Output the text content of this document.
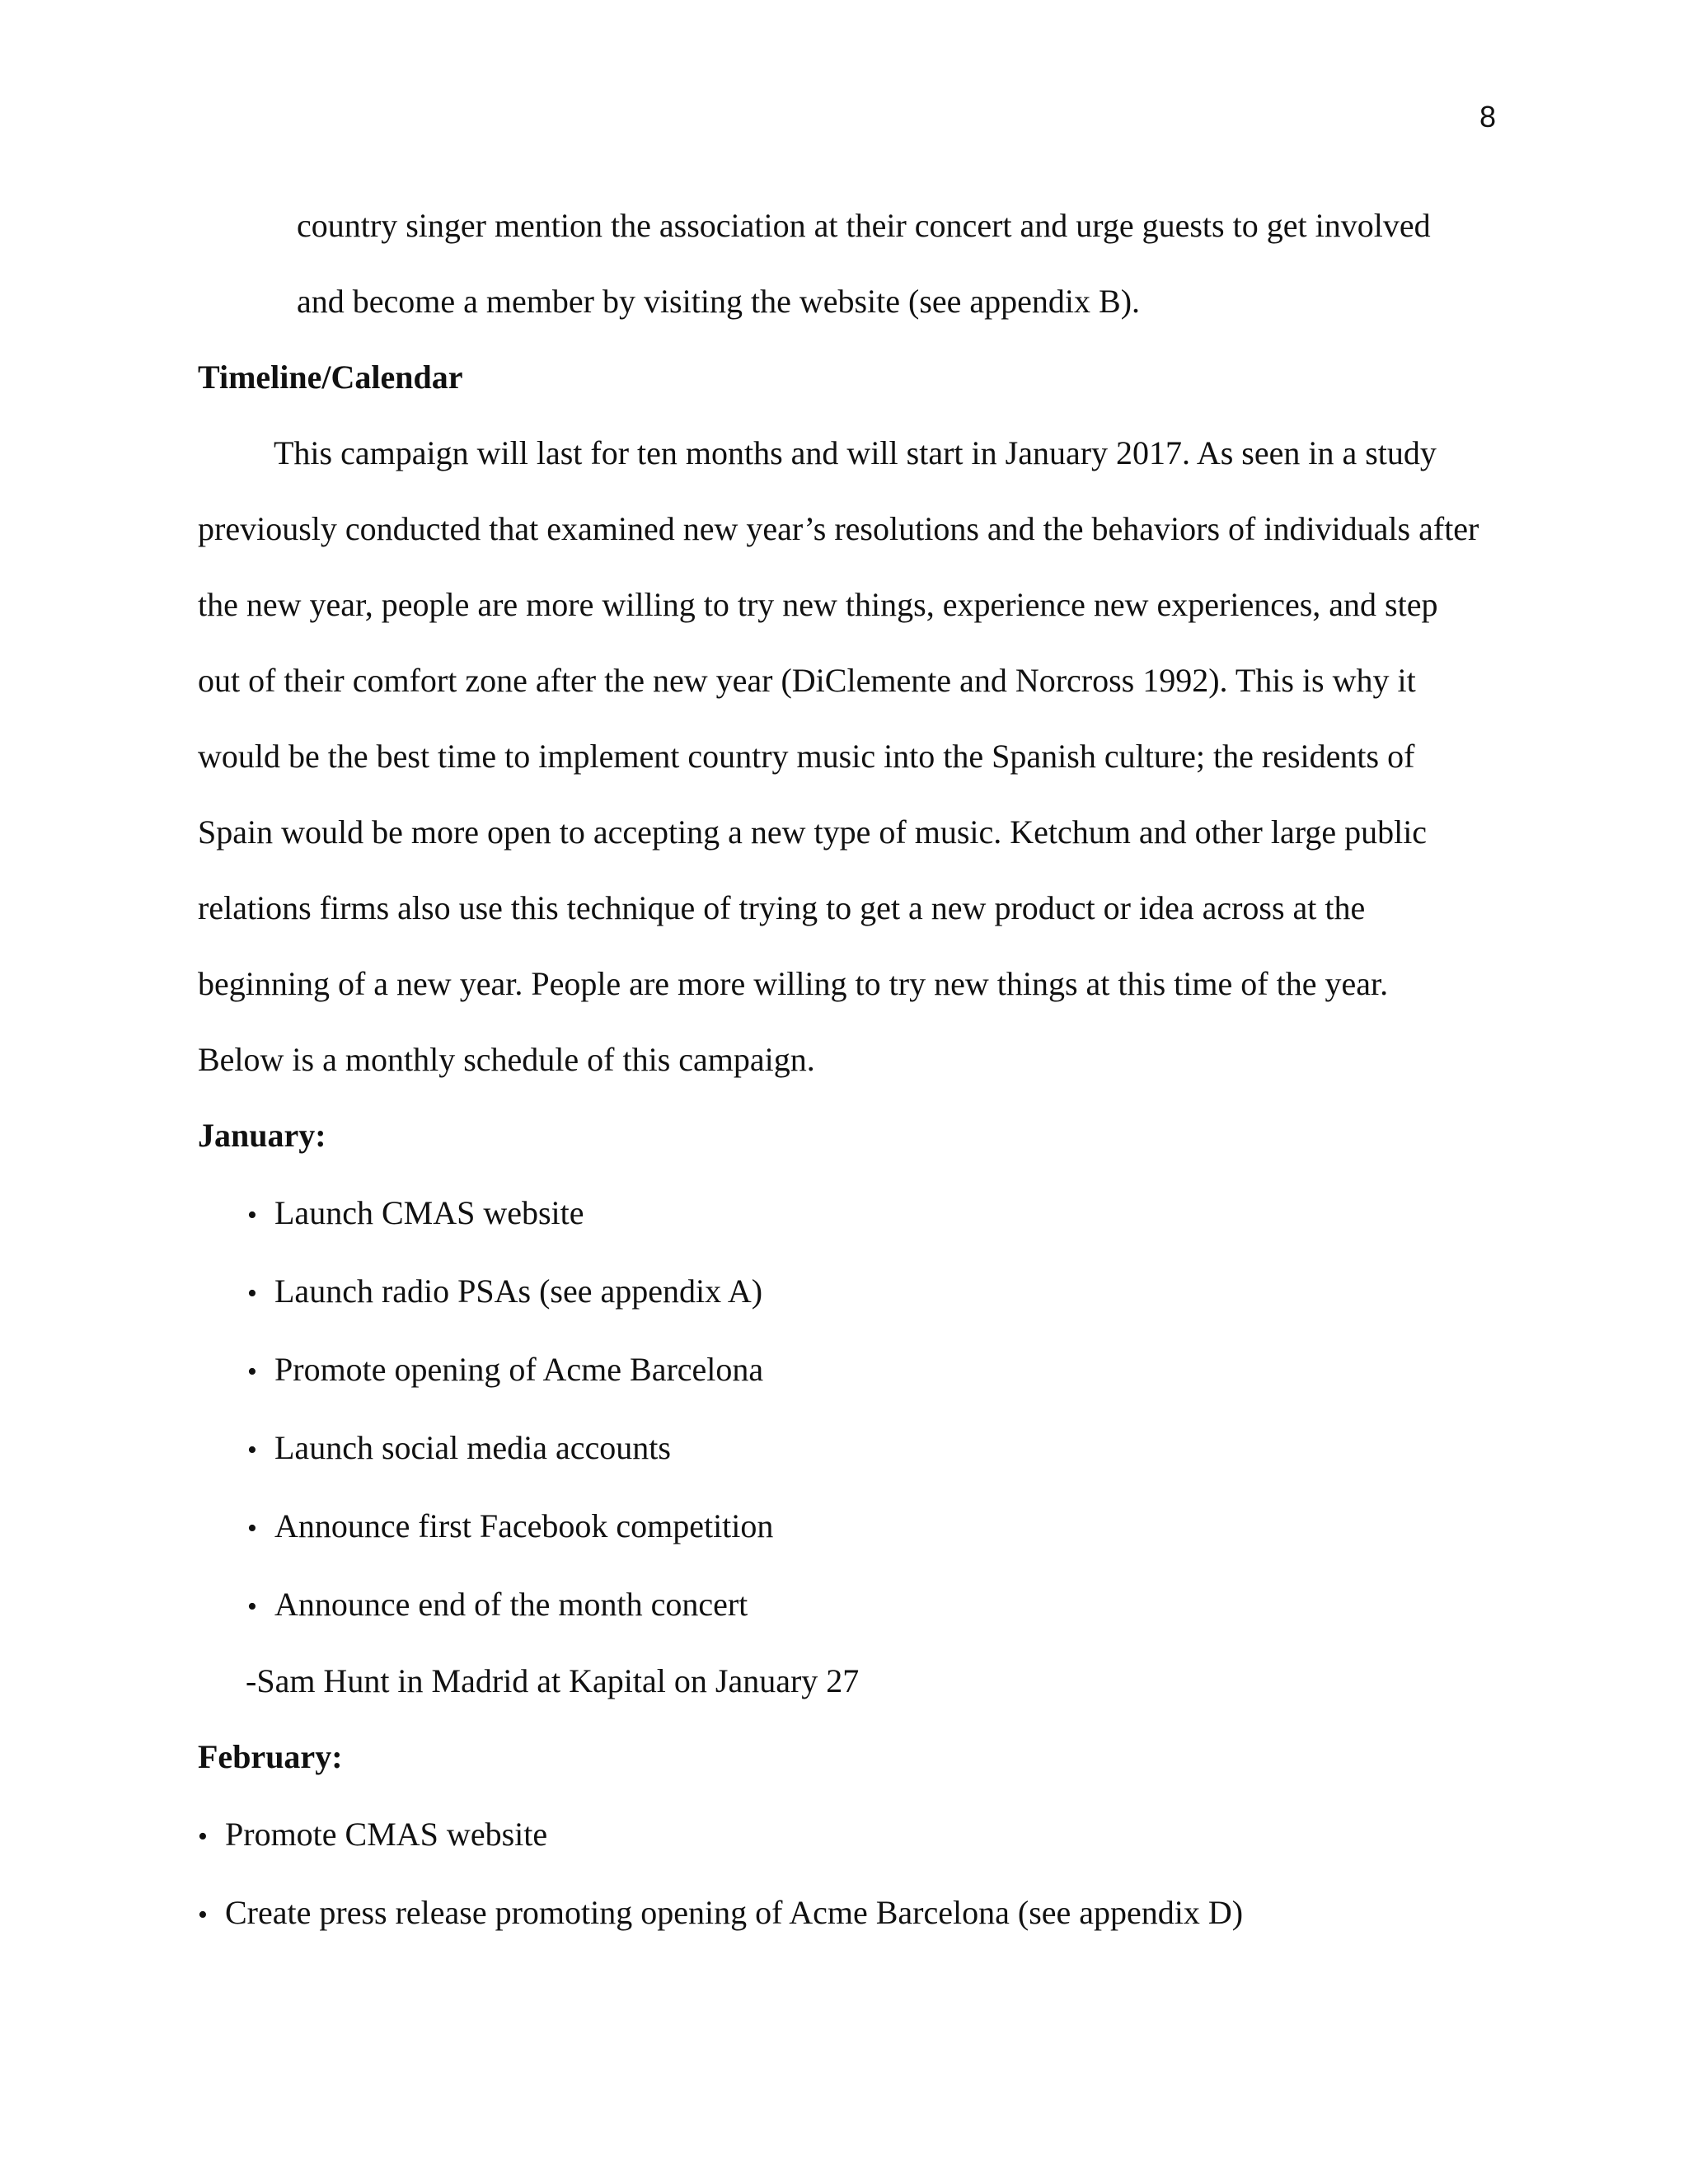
8
country singer mention the association at their concert and urge guests to get involved
and become a member by visiting the website (see appendix B).
Timeline/Calendar
This campaign will last for ten months and will start in January 2017. As seen in a study
previously conducted that examined new year’s resolutions and the behaviors of individuals after
the new year, people are more willing to try new things, experience new experiences, and step
out of their comfort zone after the new year (DiClemente and Norcross 1992). This is why it
would be the best time to implement country music into the Spanish culture; the residents of
Spain would be more open to accepting a new type of music. Ketchum and other large public
relations firms also use this technique of trying to get a new product or idea across at the
beginning of a new year. People are more willing to try new things at this time of the year.
Below is a monthly schedule of this campaign.
January:
• Launch CMAS website
• Launch radio PSAs (see appendix A)
• Promote opening of Acme Barcelona
• Launch social media accounts
• Announce first Facebook competition
• Announce end of the month concert
-Sam Hunt in Madrid at Kapital on January 27
February:
• Promote CMAS website
• Create press release promoting opening of Acme Barcelona (see appendix D)
